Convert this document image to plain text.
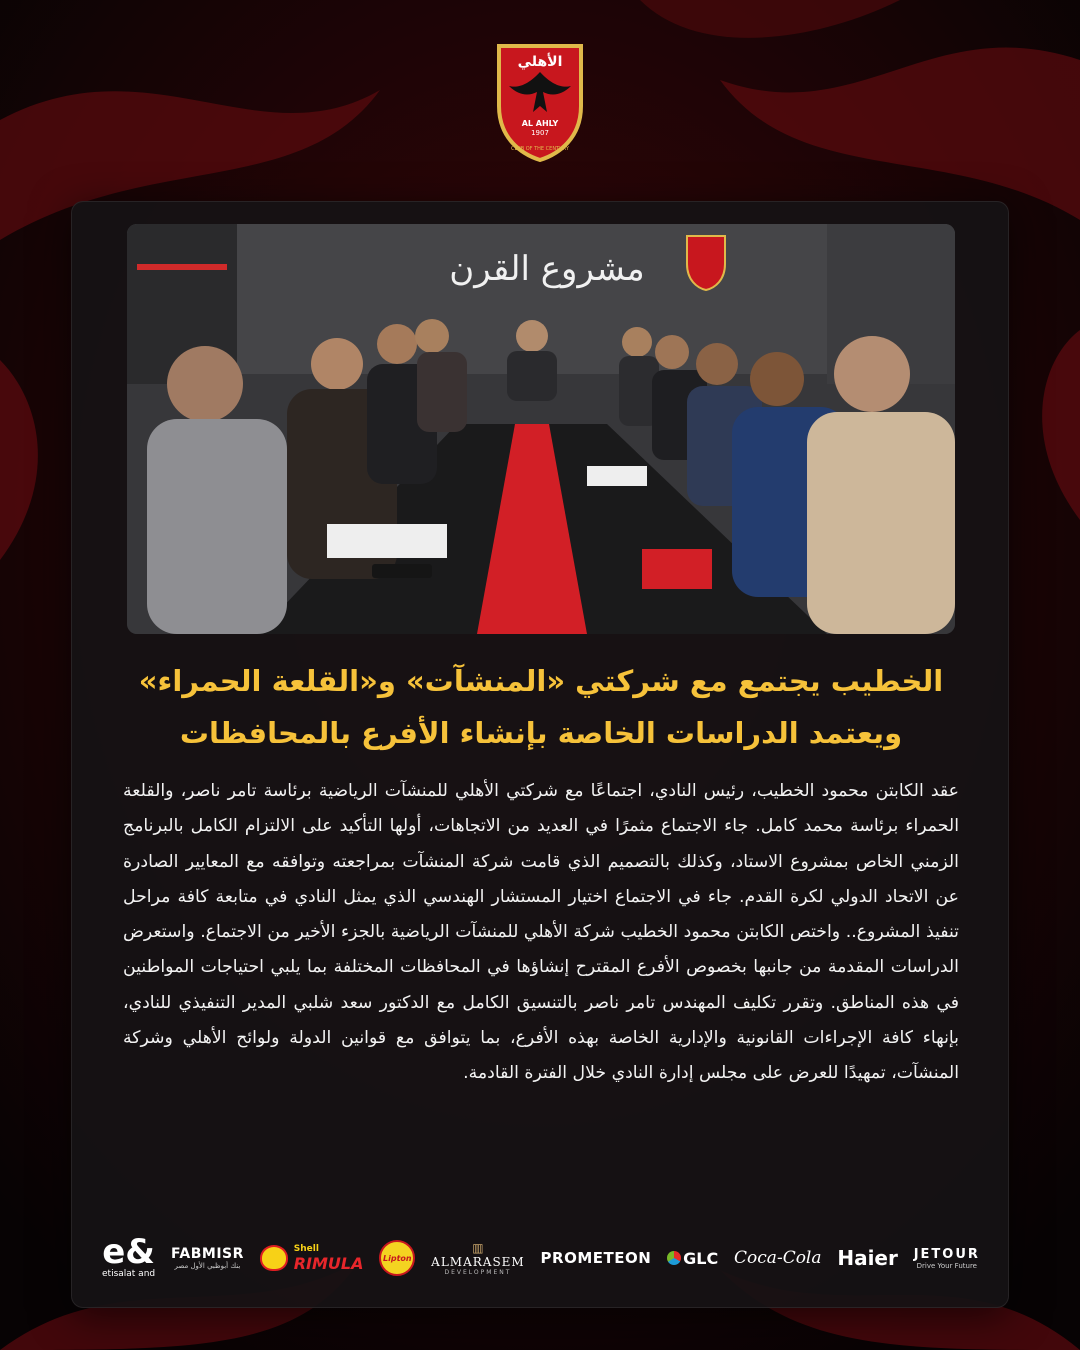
الأهلي
AL AHLY
1907
CLUB OF THE CENTURY
مشروع القرن
الخطيب يجتمع مع شركتي «المنشآت» و«القلعة الحمراء»
ويعتمد الدراسات الخاصة بإنشاء الأفرع بالمحافظات
عقد الكابتن محمود الخطيب، رئيس النادي، اجتماعًا مع شركتي الأهلي للمنشآت الرياضية برئاسة تامر ناصر، والقلعة الحمراء برئاسة محمد كامل. جاء الاجتماع مثمرًا في العديد من الاتجاهات، أولها التأكيد على الالتزام الكامل بالبرنامج الزمني الخاص بمشروع الاستاد، وكذلك بالتصميم الذي قامت شركة المنشآت بمراجعته وتوافقه مع المعايير الصادرة عن الاتحاد الدولي لكرة القدم. جاء في الاجتماع اختيار المستشار الهندسي الذي يمثل النادي في متابعة كافة مراحل تنفيذ المشروع.. واختص الكابتن محمود الخطيب شركة الأهلي للمنشآت الرياضية بالجزء الأخير من الاجتماع. واستعرض الدراسات المقدمة من جانبها بخصوص الأفرع المقترح إنشاؤها في المحافظات المختلفة بما يلبي احتياجات المواطنين في هذه المناطق. وتقرر تكليف المهندس تامر ناصر بالتنسيق الكامل مع الدكتور سعد شلبي المدير التنفيذي للنادي، بإنهاء كافة الإجراءات القانونية والإدارية الخاصة بهذه الأفرع، بما يتوافق مع قوانين الدولة ولوائح الأهلي وشركة المنشآت، تمهيدًا للعرض على مجلس إدارة النادي خلال الفترة القادمة.
e&
etisalat and
FABMISR
بنك أبوظبي الأول مصر
Shell
RIMULA	Lipton
▥
ALMARASEM
DEVELOPMENT
PROMETEON GLC Coca-Cola Haier JETOUR
Drive Your Future
